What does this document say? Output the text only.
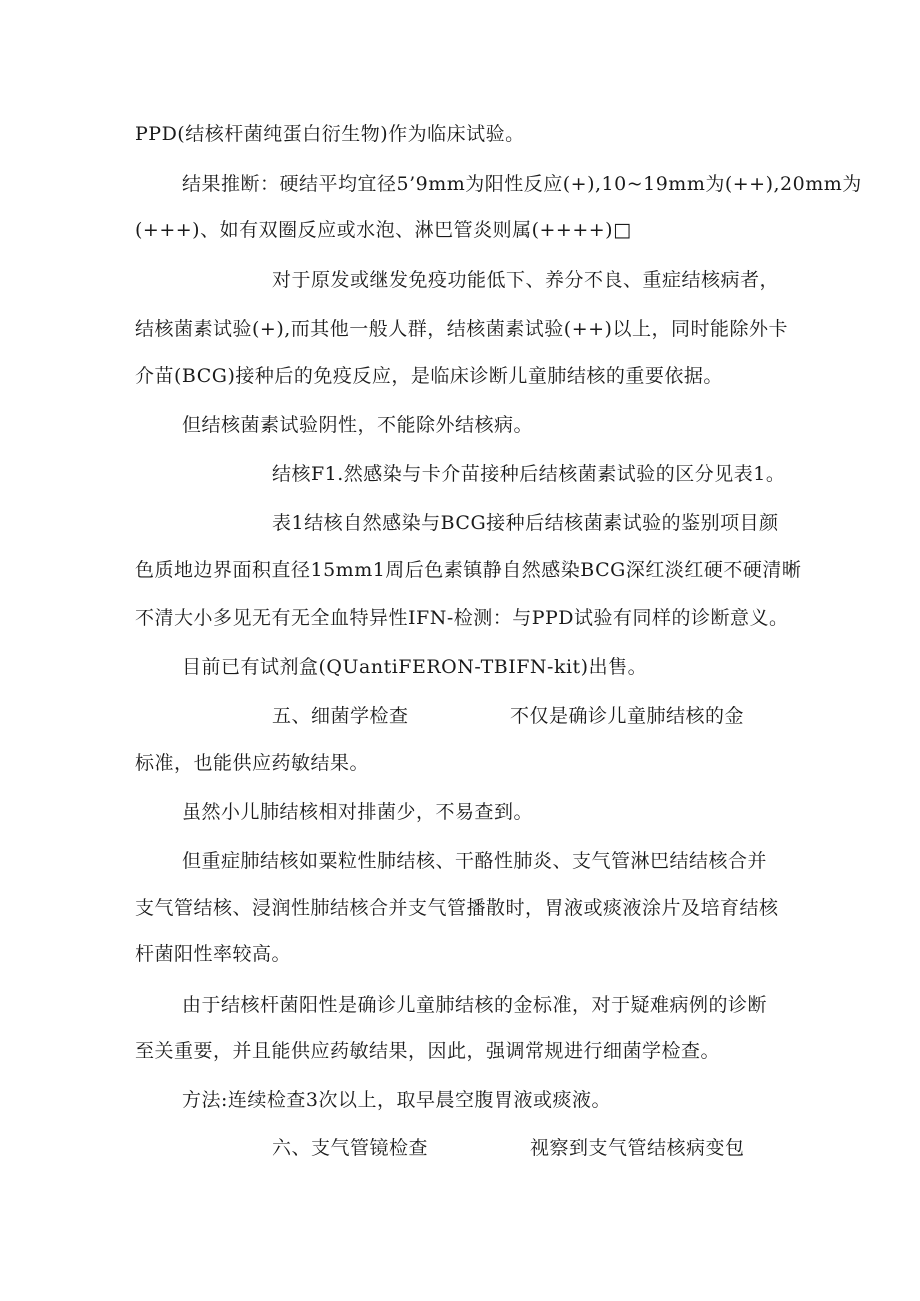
PPD(结核杆菌纯蛋白衍生物)作为临床试验。
结果推断：硬结平均宜径5’9mm为阳性反应(+),10~19mm为(++),20mm为
(+++)、如有双圈反应或水泡、淋巴管炎则属(++++)□
对于原发或继发免疫功能低下、养分不良、重症结核病者，
结核菌素试验(+),而其他一般人群，结核菌素试验(++)以上，同时能除外卡
介苗(BCG)接种后的免疫反应，是临床诊断儿童肺结核的重要依据。
但结核菌素试验阴性，不能除外结核病。
结核F1.然感染与卡介苗接种后结核菌素试验的区分见表1。
表1结核自然感染与BCG接种后结核菌素试验的鉴别项目颜
色质地边界面积直径15mm1周后色素镇静自然感染BCG深红淡红硬不硬清晰
不清大小多见无有无全血特异性IFN-检测：与PPD试验有同样的诊断意义。
目前已有试剂盒(QUantiFERON-TBIFN-kit)出售。
五、细菌学检查	不仅是确诊儿童肺结核的金
标准，也能供应药敏结果。
虽然小儿肺结核相对排菌少，不易查到。
但重症肺结核如粟粒性肺结核、干酪性肺炎、支气管淋巴结结核合并
支气管结核、浸润性肺结核合并支气管播散时，胃液或痰液涂片及培育结核
杆菌阳性率较高。
由于结核杆菌阳性是确诊儿童肺结核的金标准，对于疑难病例的诊断
至关重要，并且能供应药敏结果，因此，强调常规进行细菌学检查。
方法:连续检查3次以上，取早晨空腹胃液或痰液。
六、支气管镜检查	视察到支气管结核病变包
